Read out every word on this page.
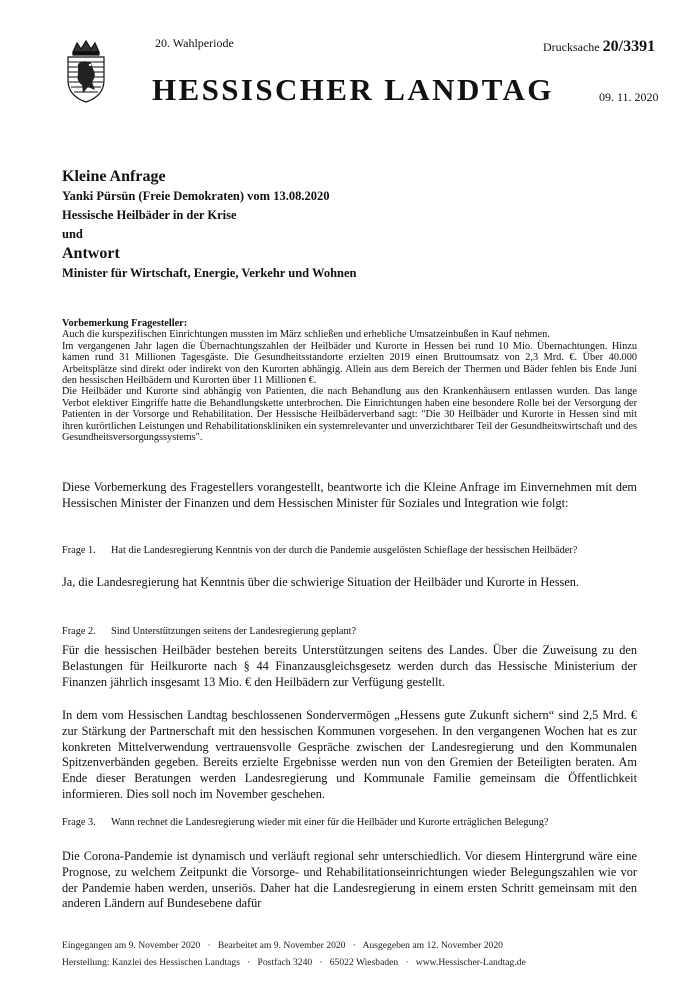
20. Wahlperiode	Drucksache 20/3391
HESSISCHER LANDTAG	09. 11. 2020
Kleine Anfrage
Yanki Pürsün (Freie Demokraten) vom 13.08.2020
Hessische Heilbäder in der Krise
und
Antwort
Minister für Wirtschaft, Energie, Verkehr und Wohnen
Vorbemerkung Fragesteller:
Auch die kurspezifischen Einrichtungen mussten im März schließen und erhebliche Umsatzeinbußen in Kauf nehmen.
Im vergangenen Jahr lagen die Übernachtungszahlen der Heilbäder und Kurorte in Hessen bei rund 10 Mio. Übernachtungen. Hinzu kamen rund 31 Millionen Tagesgäste. Die Gesundheitsstandorte erzielten 2019 einen Bruttoumsatz von 2,3 Mrd. €. Über 40.000 Arbeitsplätze sind direkt oder indirekt von den Kurorten abhängig. Allein aus dem Bereich der Thermen und Bäder fehlen bis Ende Juni den hessischen Heilbädern und Kurorten über 11 Millionen €.
Die Heilbäder und Kurorte sind abhängig von Patienten, die nach Behandlung aus den Krankenhäusern entlassen wurden. Das lange Verbot elektiver Eingriffe hatte die Behandlungskette unterbrochen. Die Einrichtungen haben eine besondere Rolle bei der Versorgung der Patienten in der Vorsorge und Rehabilitation. Der Hessische Heilbäderverband sagt: "Die 30 Heilbäder und Kurorte in Hessen sind mit ihren kurörtlichen Leistungen und Rehabilitationskliniken ein systemrelevanter und unverzichtbarer Teil der Gesundheitswirtschaft und des Gesundheitsversorgungssystems".
Diese Vorbemerkung des Fragestellers vorangestellt, beantworte ich die Kleine Anfrage im Einvernehmen mit dem Hessischen Minister der Finanzen und dem Hessischen Minister für Soziales und Integration wie folgt:
Frage 1. Hat die Landesregierung Kenntnis von der durch die Pandemie ausgelösten Schieflage der hessischen Heilbäder?
Ja, die Landesregierung hat Kenntnis über die schwierige Situation der Heilbäder und Kurorte in Hessen.
Frage 2. Sind Unterstützungen seitens der Landesregierung geplant?
Für die hessischen Heilbäder bestehen bereits Unterstützungen seitens des Landes. Über die Zuweisung zu den Belastungen für Heilkurorte nach § 44 Finanzausgleichsgesetz werden durch das Hessische Ministerium der Finanzen jährlich insgesamt 13 Mio. € den Heilbädern zur Verfügung gestellt.
In dem vom Hessischen Landtag beschlossenen Sondervermögen „Hessens gute Zukunft sichern“ sind 2,5 Mrd. € zur Stärkung der Partnerschaft mit den hessischen Kommunen vorgesehen. In den vergangenen Wochen hat es zur konkreten Mittelverwendung vertrauensvolle Gespräche zwischen der Landesregierung und den Kommunalen Spitzenverbänden gegeben. Bereits erzielte Ergebnisse werden nun von den Gremien der Beteiligten beraten. Am Ende dieser Beratungen werden Landesregierung und Kommunale Familie gemeinsam die Öffentlichkeit informieren. Dies soll noch im November geschehen.
Frage 3. Wann rechnet die Landesregierung wieder mit einer für die Heilbäder und Kurorte erträglichen Belegung?
Die Corona-Pandemie ist dynamisch und verläuft regional sehr unterschiedlich. Vor diesem Hintergrund wäre eine Prognose, zu welchem Zeitpunkt die Vorsorge- und Rehabilitationseinrichtungen wieder Belegungszahlen wie vor der Pandemie haben werden, unseriös. Daher hat die Landesregierung in einem ersten Schritt gemeinsam mit den anderen Ländern auf Bundesebene dafür
Eingegangen am 9. November 2020   ·   Bearbeitet am 9. November 2020   ·   Ausgegeben am 12. November 2020
Herstellung: Kanzlei des Hessischen Landtags   ·   Postfach 3240   ·   65022 Wiesbaden   ·   www.Hessischer-Landtag.de
